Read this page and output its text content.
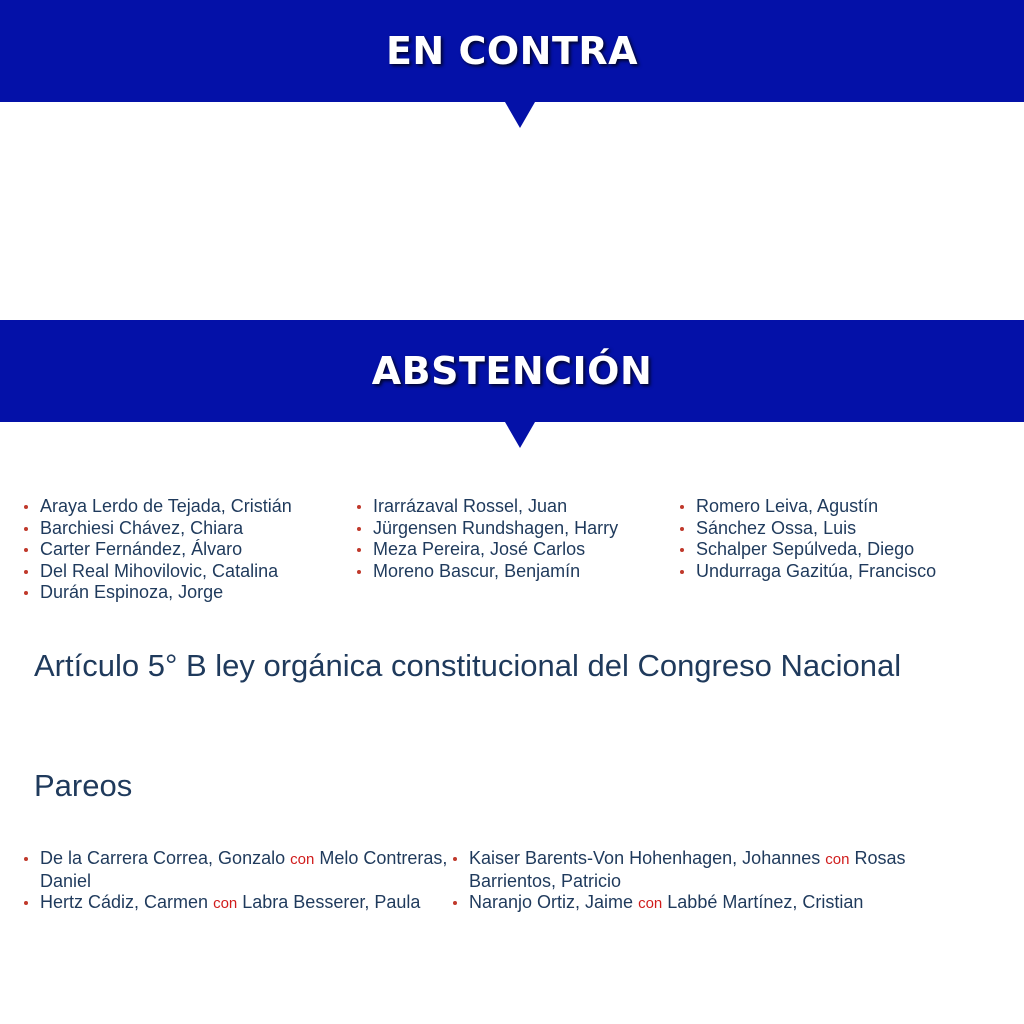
EN CONTRA
ABSTENCIÓN
Araya Lerdo de Tejada, Cristián
Barchiesi Chávez, Chiara
Carter Fernández, Álvaro
Del Real Mihovilovic, Catalina
Durán Espinoza, Jorge
Irarrázaval Rossel, Juan
Jürgensen Rundshagen, Harry
Meza Pereira, José Carlos
Moreno Bascur, Benjamín
Romero Leiva, Agustín
Sánchez Ossa, Luis
Schalper Sepúlveda, Diego
Undurraga Gazitúa, Francisco
Artículo 5° B ley orgánica constitucional del Congreso Nacional
Pareos
De la Carrera Correa, Gonzalo con Melo Contreras, Daniel
Hertz Cádiz, Carmen con Labra Besserer, Paula
Kaiser Barents-Von Hohenhagen, Johannes con Rosas Barrientos, Patricio
Naranjo Ortiz, Jaime con Labbé Martínez, Cristian
